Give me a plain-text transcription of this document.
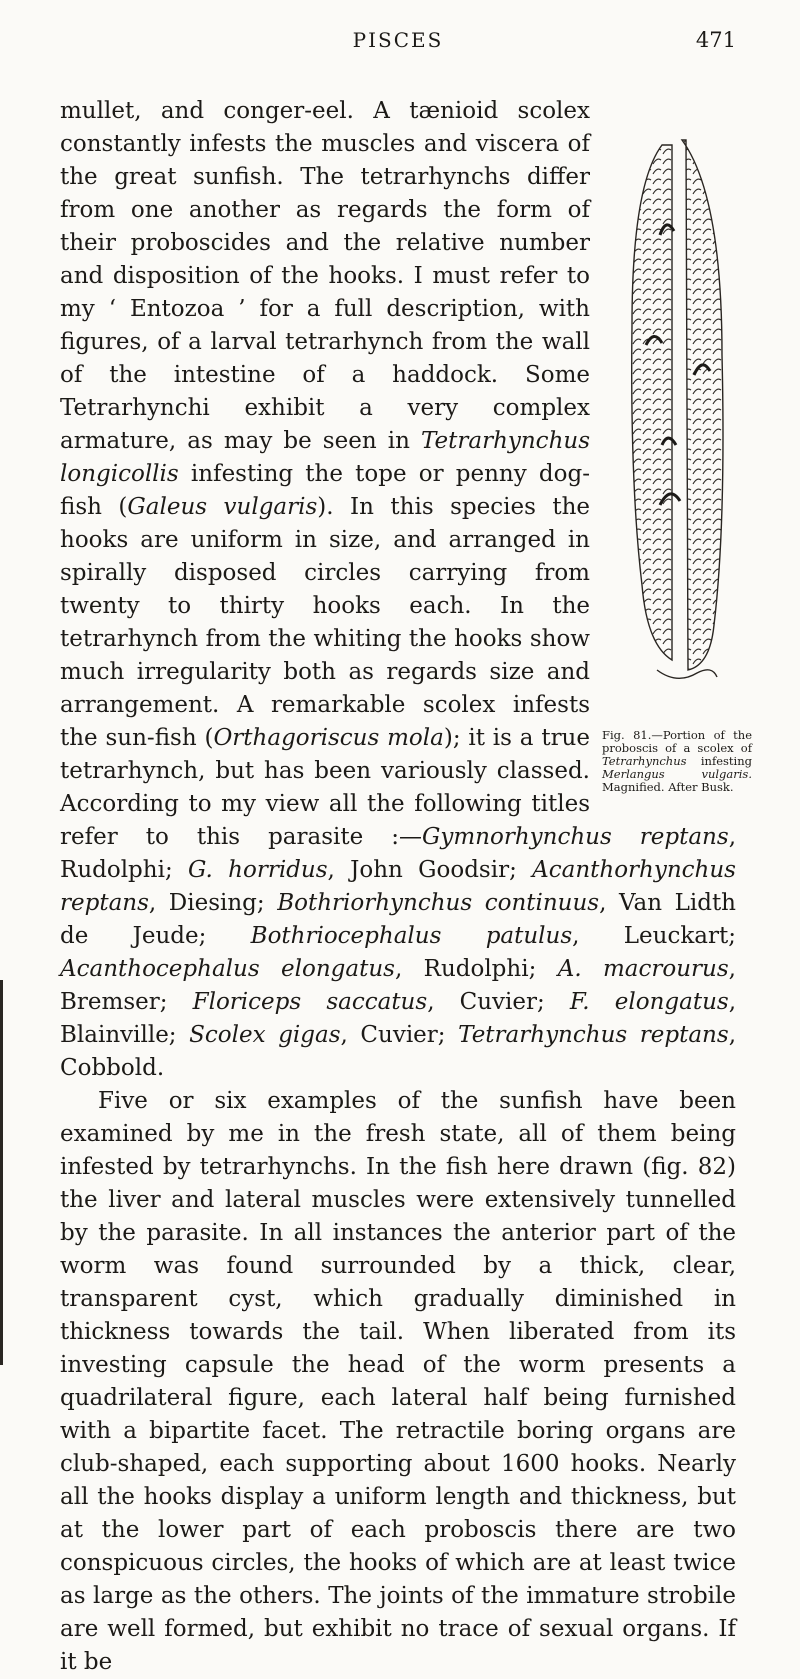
PISCES	471
Fig. 81.—Portion of the proboscis of a scolex of Tetrarhynchus infesting Merlangus vulgaris. Magnified. After Busk.

mullet, and conger-eel. A tænioid scolex constantly infests the muscles and viscera of the great sunfish. The tetrarhynchs differ from one another as regards the form of their proboscides and the relative number and disposition of the hooks. I must refer to my ‘ Entozoa ’ for a full description, with figures, of a larval tetrarhynch from the wall of the intestine of a haddock. Some Tetrarhynchi exhibit a very complex armature, as may be seen in Tetrarhynchus longicollis infesting the tope or penny dog-fish (Galeus vulgaris). In this species the hooks are uniform in size, and arranged in spirally disposed circles carrying from twenty to thirty hooks each. In the tetrarhynch from the whiting the hooks show much irregularity both as regards size and arrangement. A remarkable scolex infests the sun-fish (Orthagoriscus mola); it is a true tetrarhynch, but has been variously classed. According to my view all the following titles refer to this parasite :—Gymnorhynchus reptans, Rudolphi; G. horridus, John Goodsir; Acanthorhynchus reptans, Diesing; Bothriorhynchus continuus, Van Lidth de Jeude; Bothriocephalus patulus, Leuckart; Acanthocephalus elongatus, Rudolphi; A. macrourus, Bremser; Floriceps saccatus, Cuvier; F. elongatus, Blainville; Scolex gigas, Cuvier; Tetrarhynchus reptans, Cobbold.

Five or six examples of the sunfish have been examined by me in the fresh state, all of them being infested by tetrarhynchs. In the fish here drawn (fig. 82) the liver and lateral muscles were extensively tunnelled by the parasite. In all instances the anterior part of the worm was found surrounded by a thick, clear, transparent cyst, which gradually diminished in thickness towards the tail. When liberated from its investing capsule the head of the worm presents a quadrilateral figure, each lateral half being furnished with a bipartite facet. The retractile boring organs are club-shaped, each supporting about 1600 hooks. Nearly all the hooks display a uniform length and thickness, but at the lower part of each proboscis there are two conspicuous circles, the hooks of which are at least twice as large as the others. The joints of the immature strobile are well formed, but exhibit no trace of sexual organs. If it be
